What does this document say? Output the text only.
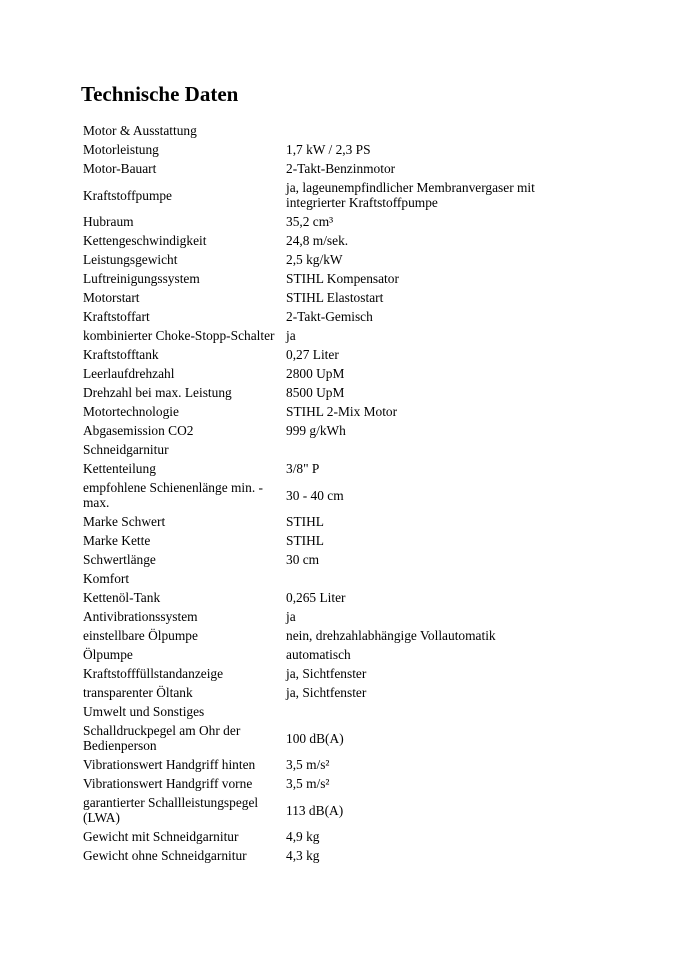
Technische Daten
Motor & Ausstattung	
Motorleistung	1,7 kW / 2,3 PS
Motor-Bauart	2-Takt-Benzinmotor
Kraftstoffpumpe	ja, lageunempfindlicher Membranvergaser mit integrierter Kraftstoffpumpe
Hubraum	35,2 cm³
Kettengeschwindigkeit	24,8 m/sek.
Leistungsgewicht	2,5 kg/kW
Luftreinigungssystem	STIHL Kompensator
Motorstart	STIHL Elastostart
Kraftstoffart	2-Takt-Gemisch
kombinierter Choke-Stopp-Schalter	ja
Kraftstofftank	0,27 Liter
Leerlaufdrehzahl	2800 UpM
Drehzahl bei max. Leistung	8500 UpM
Motortechnologie	STIHL 2-Mix Motor
Abgasemission CO2	999 g/kWh
Schneidgarnitur	
Kettenteilung	3/8" P
empfohlene Schienenlänge min. - max.	30 - 40 cm
Marke Schwert	STIHL
Marke Kette	STIHL
Schwertlänge	30 cm
Komfort	
Kettenöl-Tank	0,265 Liter
Antivibrationssystem	ja
einstellbare Ölpumpe	nein, drehzahlabhängige Vollautomatik
Ölpumpe	automatisch
Kraftstofffüllstandanzeige	ja, Sichtfenster
transparenter Öltank	ja, Sichtfenster
Umwelt und Sonstiges	
Schalldruckpegel am Ohr der Bedienperson	100 dB(A)
Vibrationswert Handgriff hinten	3,5 m/s²
Vibrationswert Handgriff vorne	3,5 m/s²
garantierter Schallleistungspegel (LWA)	113 dB(A)
Gewicht mit Schneidgarnitur	4,9 kg
Gewicht ohne Schneidgarnitur	4,3 kg
